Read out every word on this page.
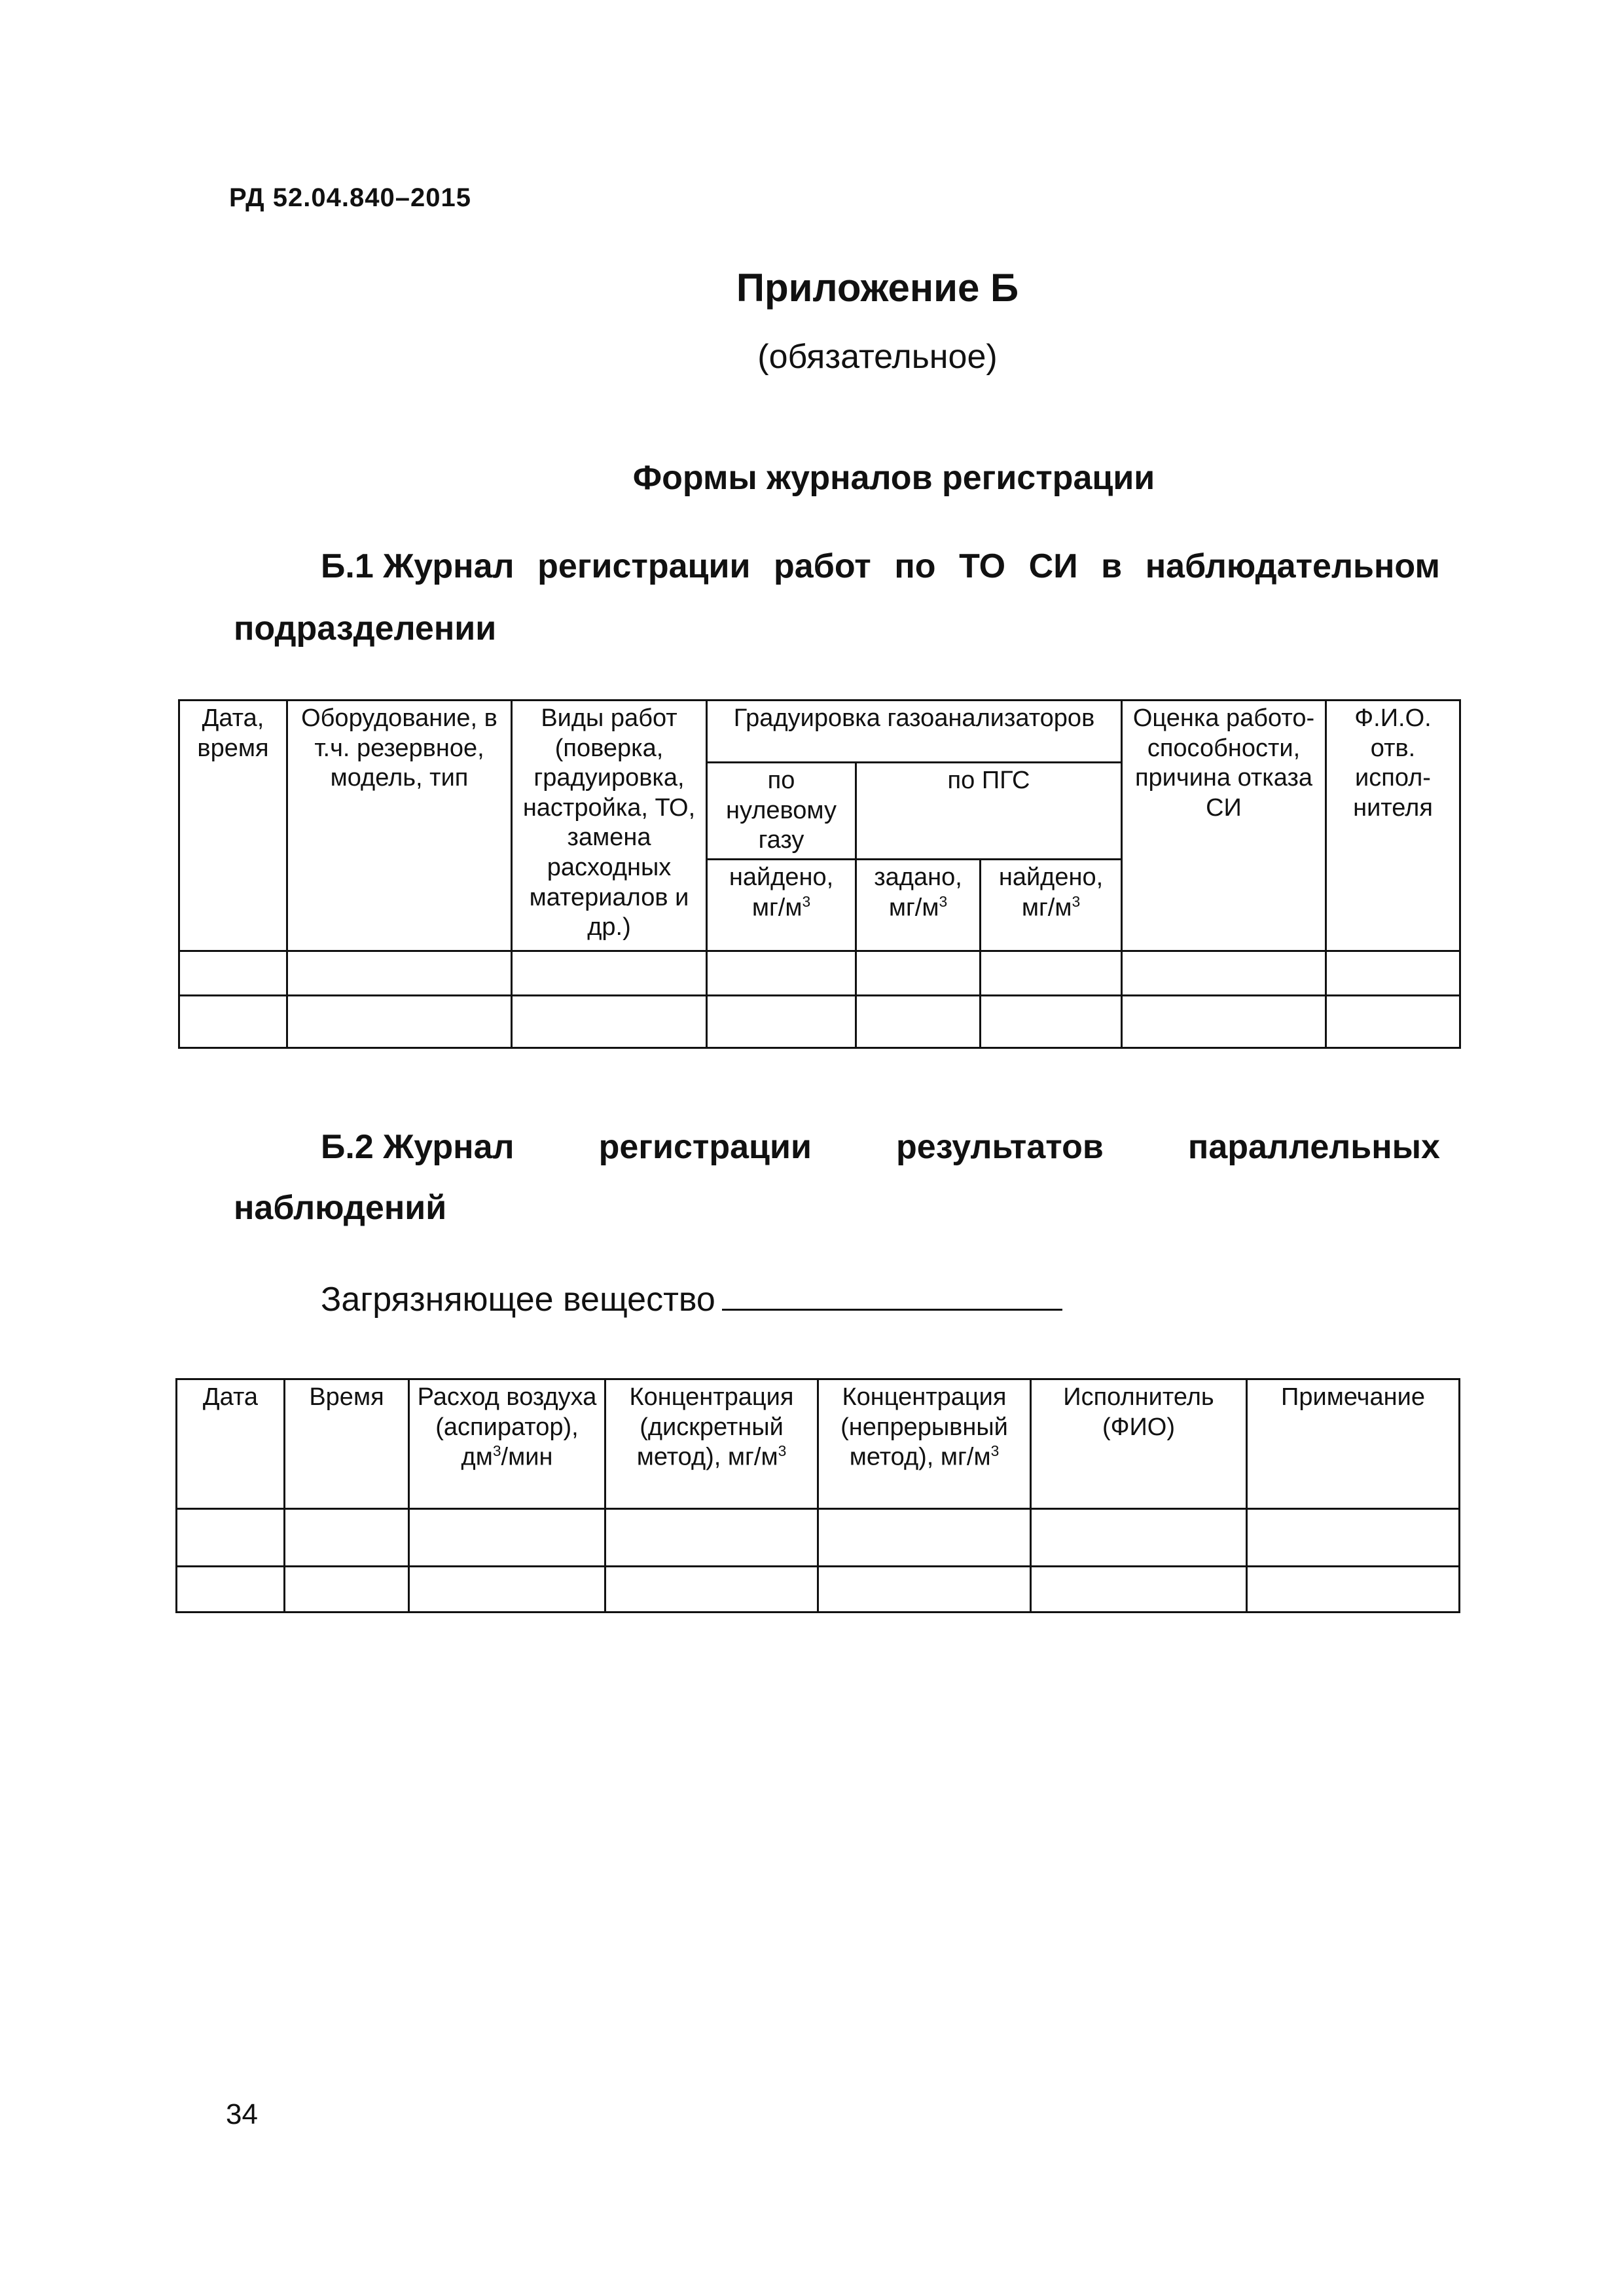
РД 52.04.840–2015
Приложение Б
(обязательное)
Формы журналов регистрации
Б.1 Журнал регистрации работ по ТО СИ в наблюдательном
подразделении
Дата, время	Оборудование, в т.ч. резервное, модель, тип	Виды работ (поверка, градуировка, настройка, ТО, замена расходных материалов и др.)	Градуировка газоанализаторов			Оценка работо-способности, причина отказа СИ	Ф.И.О. отв. испол-нителя
			по нулевому газу	по ПГС			
			найдено, $мг/м^3$	задано, $мг/м^3$	найдено, $мг/м^3$

Б.2 Журнал регистрации результатов параллельных
наблюдений
Загрязняющее вещество
Дата	Время	Расход воздуха (аспиратор), $дм^3$/мин	Концентрация (дискретный метод), $мг/м^3$	Концентрация (непрерывный метод), $мг/м^3$	Исполнитель (ФИО)	Примечание

34
